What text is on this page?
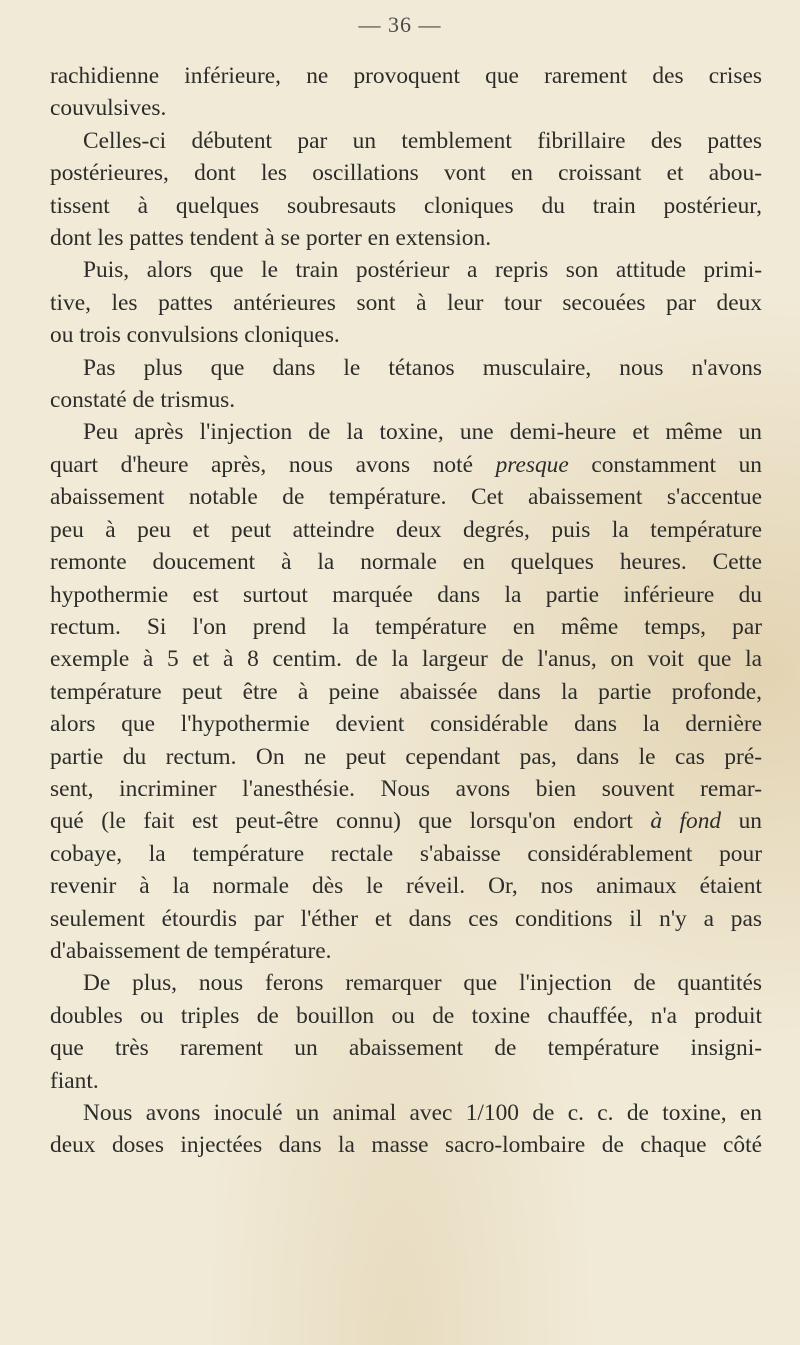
— 36 —
rachidienne inférieure, ne provoquent que rarement des crises
couvulsives.
Celles-ci débutent par un temblement fibrillaire des pattes
postérieures, dont les oscillations vont en croissant et abou-
tissent à quelques soubresauts cloniques du train postérieur,
dont les pattes tendent à se porter en extension.
Puis, alors que le train postérieur a repris son attitude primi-
tive, les pattes antérieures sont à leur tour secouées par deux
ou trois convulsions cloniques.
Pas plus que dans le tétanos musculaire, nous n'avons
constaté de trismus.
Peu après l'injection de la toxine, une demi-heure et même un
quart d'heure après, nous avons noté presque constamment un
abaissement notable de température. Cet abaissement s'accentue
peu à peu et peut atteindre deux degrés, puis la température
remonte doucement à la normale en quelques heures. Cette
hypothermie est surtout marquée dans la partie inférieure du
rectum. Si l'on prend la température en même temps, par
exemple à 5 et à 8 centim. de la largeur de l'anus, on voit que la
température peut être à peine abaissée dans la partie profonde,
alors que l'hypothermie devient considérable dans la dernière
partie du rectum. On ne peut cependant pas, dans le cas pré-
sent, incriminer l'anesthésie. Nous avons bien souvent remar-
qué (le fait est peut-être connu) que lorsqu'on endort à fond un
cobaye, la température rectale s'abaisse considérablement pour
revenir à la normale dès le réveil. Or, nos animaux étaient
seulement étourdis par l'éther et dans ces conditions il n'y a pas
d'abaissement de température.
De plus, nous ferons remarquer que l'injection de quantités
doubles ou triples de bouillon ou de toxine chauffée, n'a produit
que très rarement un abaissement de température insigni-
fiant.
Nous avons inoculé un animal avec 1/100 de c. c. de toxine, en
deux doses injectées dans la masse sacro-lombaire de chaque côté
